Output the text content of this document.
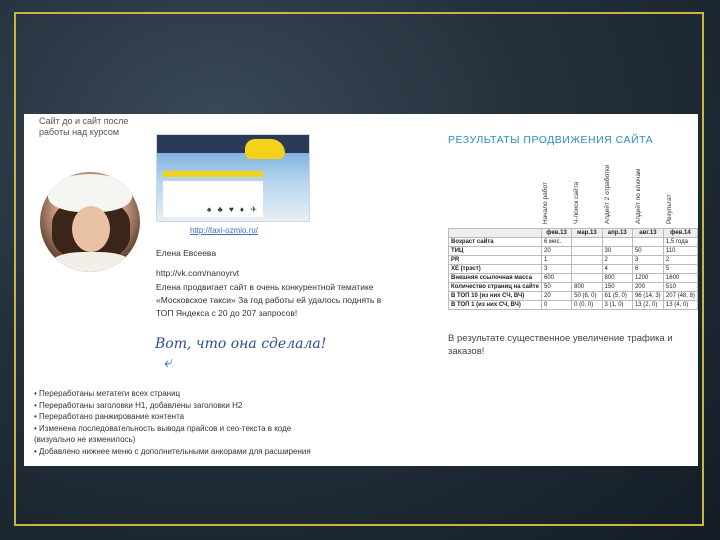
Сайт до и сайт после работы над курсом
♠ ♣ ♥ ♦ ✈
http://taxi-ozmio.ru/
Елена Евсеева
http://vk.com/nanoyrvt
Елена продвигает сайт в очень конкурентной тематике «Московское такси» За год работы ей удалось поднять в ТОП Яндекса с 20 до 207 запросов!
Вот, что она сделала!
⤶
• Переработаны метатеги всех страниц
• Переработаны заголовки Н1, добавлены заголовки Н2
• Переработано ранжирование контента
• Изменена последовательность вывода прайсов и сео-текста в коде
(визуально не изменилось)
• Добавлено нижнее меню с дополнительными анкорами для расширения
РЕЗУЛЬТАТЫ ПРОДВИЖЕНИЯ САЙТА
Начало работ	Ч-поиск сайта	Апдейт 2 отработки	Апдейт по ключам	Результат
	фев.13	мар.13	апр.13	авг.13	фев.14
Возраст сайта	6 мес.				1,5 года
ТИЦ	20		30	50	110
PR	1		2	3	2
XE (трэст)	3		4	6	5
Внешняя ссылочная масса	600		800	1200	1600
Количество страниц на сайте	50	800	150	200	510
В ТОП 10 (из них СЧ, ВЧ)	20	50 (6, 0)	61 (5, 0)	96 (14, 3)	207 (48, 8)
В ТОП 1 (из них СЧ, ВЧ)	0	0 (0, 0)	3 (1, 0)	13 (2, 0)	13 (4, 0)
В результате существенное увеличение трафика и заказов!
